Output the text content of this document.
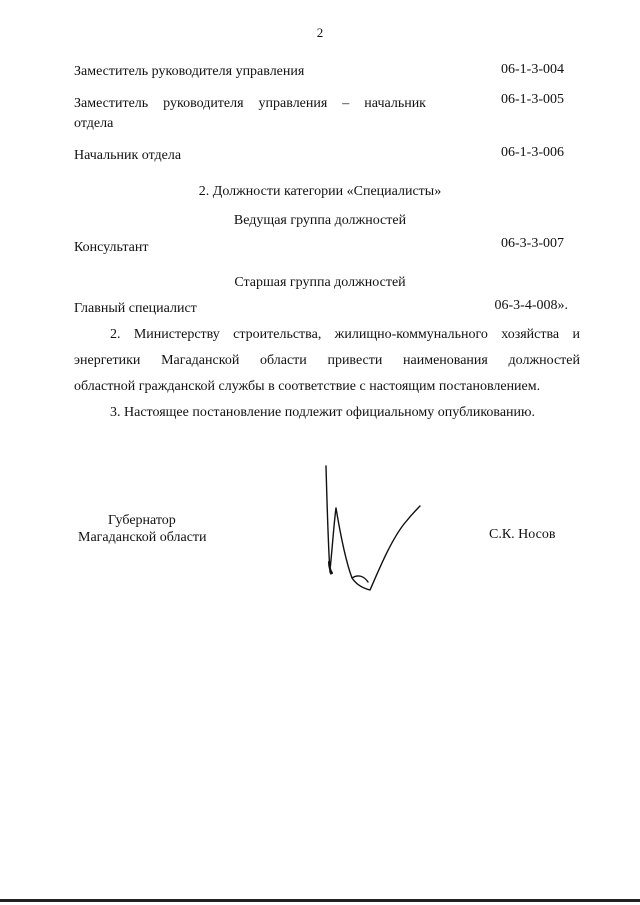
2
Заместитель руководителя управления	06-1-3-004
Заместитель руководителя управления – начальник
отдела
06-1-3-005
Начальник отдела	06-1-3-006
2. Должности категории «Специалисты»
Ведущая группа должностей
Консультант	06-3-3-007
Старшая группа должностей
Главный специалист	06-3-4-008».
2. Министерству строительства, жилищно-коммунального хозяйства и
энергетики Магаданской области привести наименования должностей
областной гражданской службы в соответствие с настоящим постановлением.
3. Настоящее постановление подлежит официальному опубликованию.
Губернатор
Магаданской области	С.К. Носов
